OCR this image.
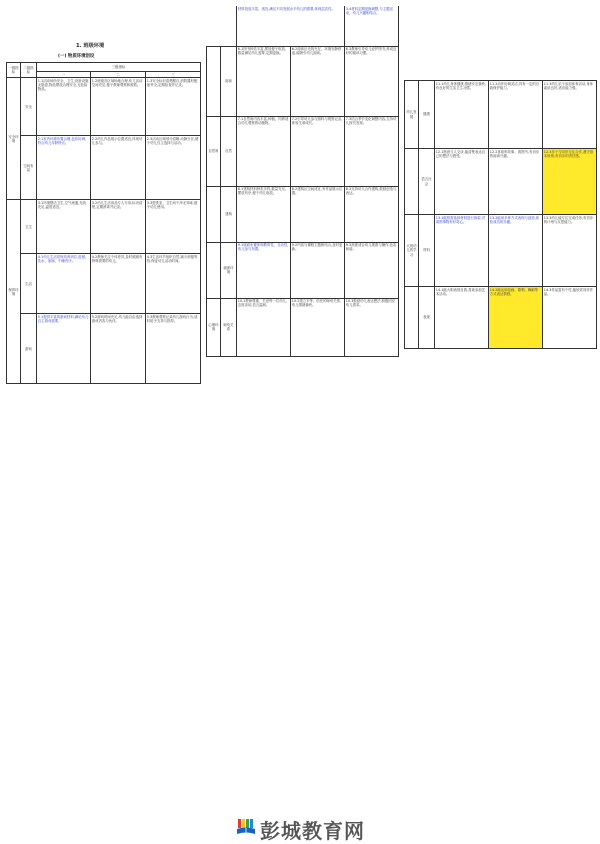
1. 班级环境
(一) 物质环境创设
一级指标	二级指标	三级指标		
		一	二	三
安全环境	安全	1.1活动场所安全、卫生,设备设施无隐患,物品摆放合理安全,无危险物品。	1.2班级各区域场地合理,幼儿活动空间充足,便于教师观察和照看。	1.3安全标识清楚醒目,消防器材配备齐全,定期检查并记录。
	空间布局	2.1室内环境布置合理,色彩协调,符合幼儿年龄特点。	2.2幼儿作品展示位置适宜,体现幼儿参与。	2.3活动区域划分清晰,动静分区,便于幼儿自主选择与活动。
保育环境	卫生	3.1环境整洁卫生,空气流通,光线充足,温度适宜。	3.2幼儿生活用品专人专用,标识清楚,定期消毒并记录。	3.3盥洗室、卫生间干净无异味,便于幼儿使用。
	生活	4.1幼儿生活常规培养到位,进餐、饮水、如厕、午睡有序。	4.2教师关注个体差异,及时照顾有特殊需要的幼儿。	4.3生活环节组织自然,减少消极等待,保证幼儿活动时间。
	游戏	5.1提供丰富的游戏材料,满足幼儿自主游戏需要。	5.2游戏时间充足,幼儿能自由选择游戏内容与伙伴。	5.3教师观察记录幼儿游戏行为,适时给予支持与指导。
		材料投放丰富、适宜,满足不同发展水平幼儿的需要,体现层次性。		3.4材料定期更换调整,与主题活动、幼儿兴趣相结合。
	阅读	6.1图书种类丰富,摆放便于取放,数量满足幼儿需要,定期更换。	6.2阅读区光线充足、环境安静舒适,能吸引幼儿阅读。	6.3教师引导幼儿爱护图书,养成良好的阅读习惯。
自然角	自然	7.1自然角内容丰富,种植、饲养适合幼儿观察的动植物。	7.2引导幼儿参与照料与观察记录,体验生命成长。	7.3结合季节变化调整内容,支持幼儿探究发现。
	建构	8.1建构材料种类多样,数量充足,摆放有序,便于幼儿取放。	8.2建构区空间适宜,有作品展示位置。	8.3支持幼儿合作建构,鼓励创造与表达。
	墙面环境	9.1墙面布置体现教育性、互动性,幼儿参与布置。	9.2内容与课程主题相结合,及时更新。	9.3高度适合幼儿观看与操作,色彩和谐。
心理环境	师幼关系	10.1教师尊重、关爱每一位幼儿,态度亲切,语言温和。	10.2建立平等、信任的师幼关系,幼儿情绪愉快。	10.3鼓励幼儿表达想法,积极回应幼儿需求。
幼儿发展	健康	11.1幼儿身体健康,情绪安定愉快,有良好的生活卫生习惯。	11.2动作协调灵活,具有一定的自我保护能力。	11.3幼儿乐于参加体育活动,身体素质良好,适应能力强。
	语言社会	12.1愿意与人交谈,能清楚表达自己的想法与感受。	12.2喜欢听故事、看图书,有初步的阅读兴趣。	12.3乐于与同伴交往合作,遵守基本规则,有初步的责任感。
大班幼儿的学习	材料	13.1能按需选择材料进行探索,对周围事物有好奇心。	13.2能用多种方式表现与创造,体验成功的乐趣。	13.3幼儿能专注完成任务,有初步的计划与反思能力。
	表现	14.1能大胆表现自我,喜欢参加艺术活动。	14.2能运用绘画、歌唱、舞蹈等方式表达情感。	14.3作品富有个性,能欣赏同伴作品。
彭城教育网
